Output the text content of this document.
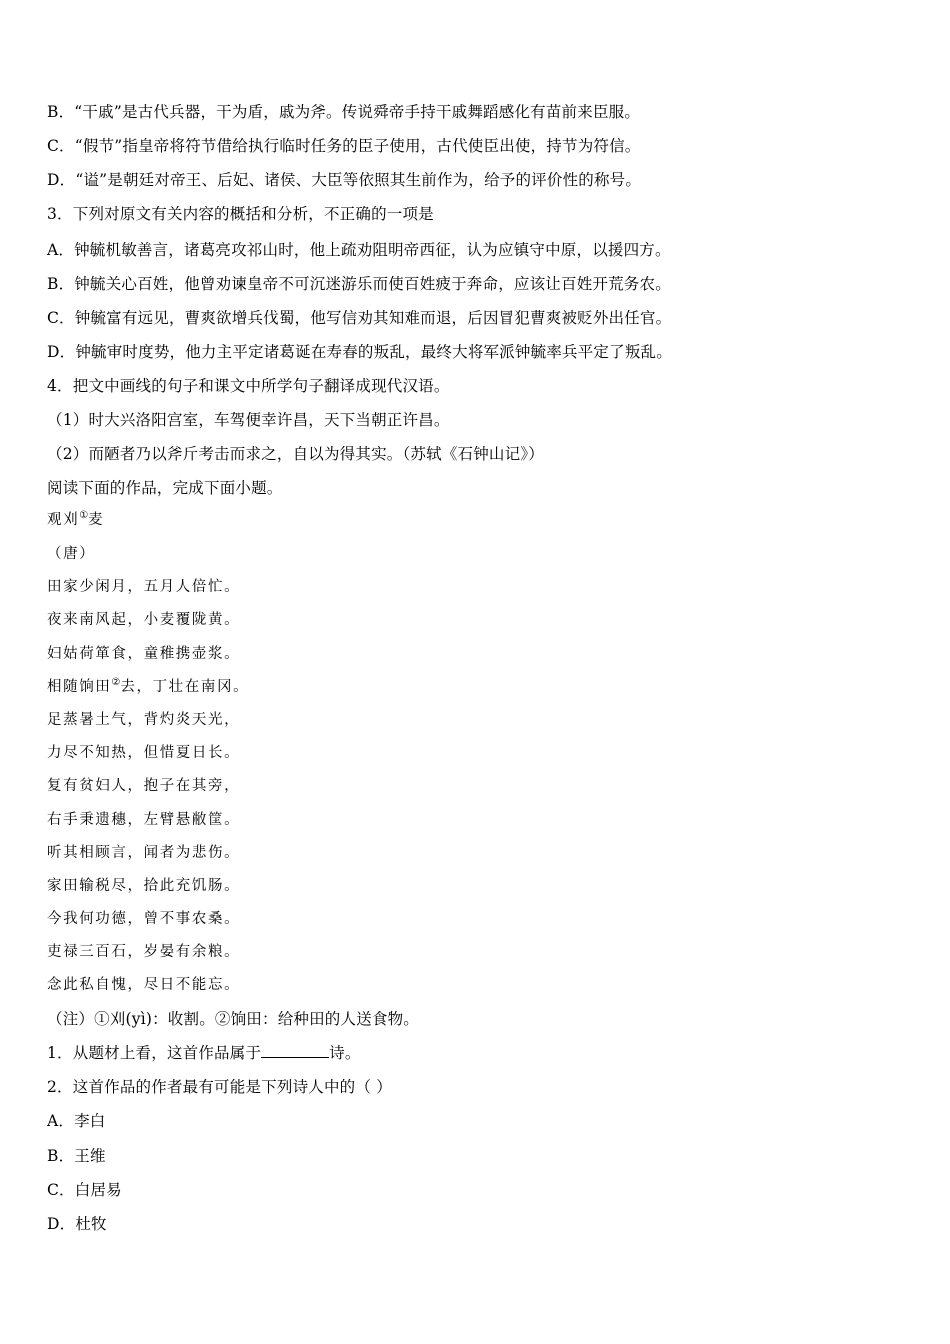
B．“干戚”是古代兵器，干为盾，戚为斧。传说舜帝手持干戚舞蹈感化有苗前来臣服。
C．“假节”指皇帝将符节借给执行临时任务的臣子使用，古代使臣出使，持节为符信。
D．“谥”是朝廷对帝王、后妃、诸侯、大臣等依照其生前作为，给予的评价性的称号。
3．下列对原文有关内容的概括和分析，不正确的一项是
A．钟毓机敏善言，诸葛亮攻祁山时，他上疏劝阻明帝西征，认为应镇守中原，以援四方。
B．钟毓关心百姓，他曾劝谏皇帝不可沉迷游乐而使百姓疲于奔命，应该让百姓开荒务农。
C．钟毓富有远见，曹爽欲增兵伐蜀，他写信劝其知难而退，后因冒犯曹爽被贬外出任官。
D．钟毓审时度势，他力主平定诸葛诞在寿春的叛乱，最终大将军派钟毓率兵平定了叛乱。
4．把文中画线的句子和课文中所学句子翻译成现代汉语。
（1）时大兴洛阳宫室，车驾便幸许昌，天下当朝正许昌。
（2）而陋者乃以斧斤考击而求之，自以为得其实。（苏轼《石钟山记》）
阅读下面的作品，完成下面小题。
观刈①麦
（唐）
田家少闲月，五月人倍忙。
夜来南风起，小麦覆陇黄。
妇姑荷箪食，童稚携壶浆。
相随饷田②去，丁壮在南冈。
足蒸暑土气，背灼炎天光，
力尽不知热，但惜夏日长。
复有贫妇人，抱子在其旁，
右手秉遗穗，左臂悬敝筐。
听其相顾言，闻者为悲伤。
家田输税尽，拾此充饥肠。
今我何功德，曾不事农桑。
吏禄三百石，岁晏有余粮。
念此私自愧，尽日不能忘。
（注）①刈(yì)：收割。②饷田：给种田的人送食物。
1．从题材上看，这首作品属于	诗。
2．这首作品的作者最有可能是下列诗人中的（ ）
A．李白
B．王维
C．白居易
D．杜牧
